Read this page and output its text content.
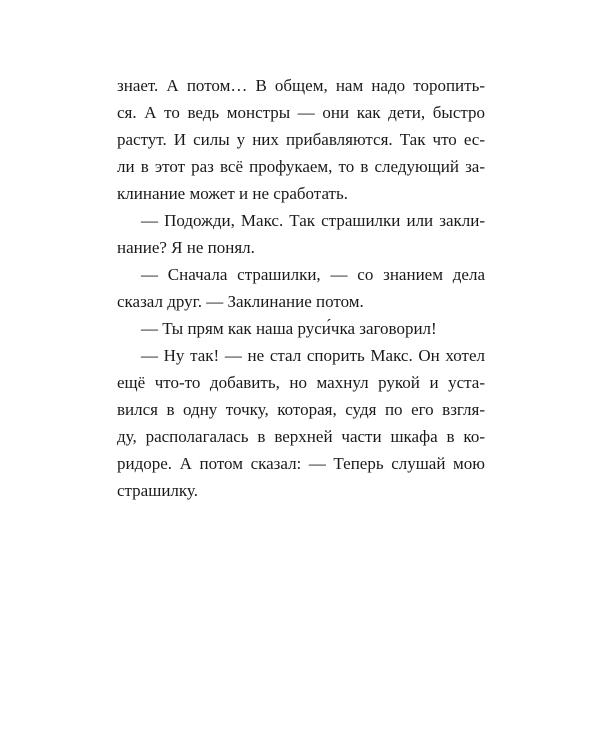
знает. А потом… В общем, нам надо торопить-
ся. А то ведь монстры — они как дети, быстро
растут. И силы у них прибавляются. Так что ес-
ли в этот раз всё профукаем, то в следующий за-
клинание может и не сработать.
— Подожди, Макс. Так страшилки или закли-
нание? Я не понял.
— Сначала страшилки, — со знанием дела
сказал друг. — Заклинание потом.
— Ты прям как наша руси́чка заговорил!
— Ну так! — не стал спорить Макс. Он хотел
ещё что-то добавить, но махнул рукой и уста-
вился в одну точку, которая, судя по его взгля-
ду, располагалась в верхней части шкафа в ко-
ридоре. А потом сказал: — Теперь слушай мою
страшилку.
